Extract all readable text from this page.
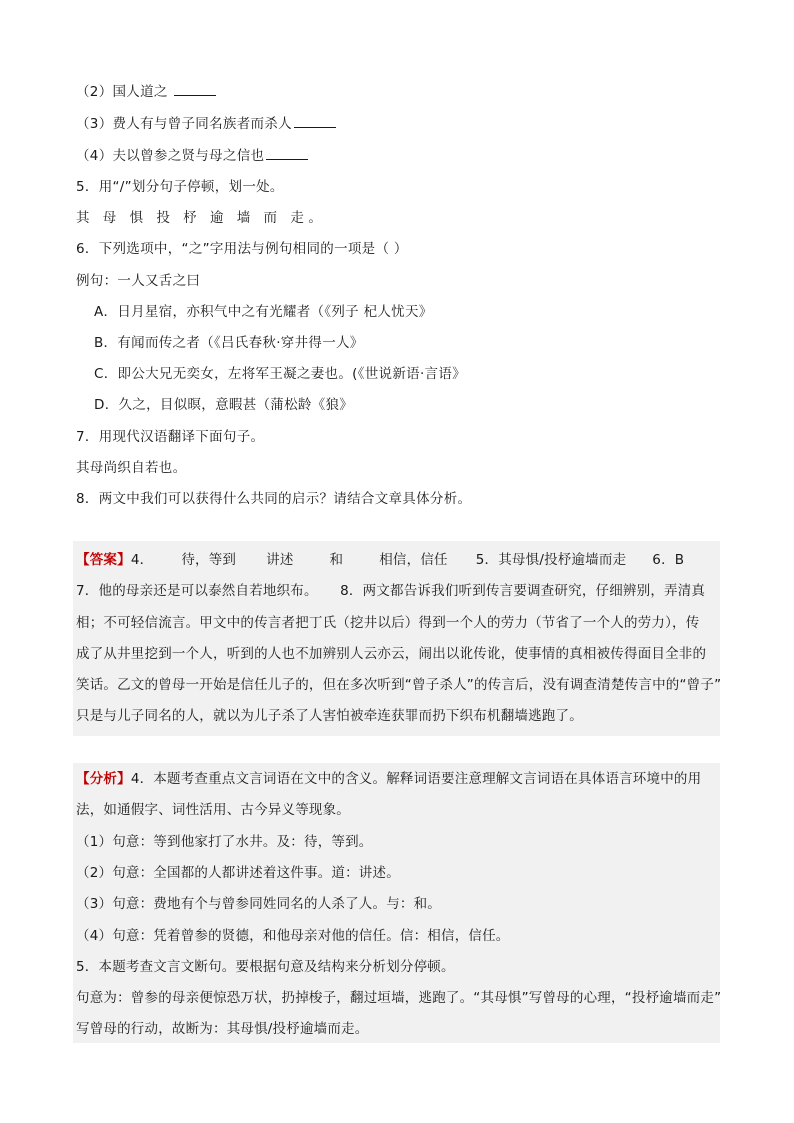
（2）国人道之
（3）费人有与曾子同名族者而杀人
（4）夫以曾参之贤与母之信也
5．用“/”划分句子停顿，划一处。
其 母 惧 投 杼 逾 墙 而 走。
6．下列选项中，“之”字用法与例句相同的一项是（ ）
例句：一人又舌之曰
A．日月星宿，亦积气中之有光耀者（《列子 杞人忧天》
B．有闻而传之者（《吕氏春秋·穿井得一人》
C．即公大兄无奕女，左将军王凝之妻也。(《世说新语·言语》
D．久之，目似暝，意暇甚（蒲松龄《狼》
7．用现代汉语翻译下面句子。
其母尚织自若也。
8．两文中我们可以获得什么共同的启示？请结合文章具体分析。
【答案】4． 待，等到 讲述	和	相信，信任 5．其母惧/投杼逾墙而走 6．B
7．他的母亲还是可以泰然自若地织布。     8．两文都告诉我们听到传言要调查研究，仔细辨别，弄清真
相；不可轻信流言。甲文中的传言者把丁氏（挖井以后）得到一个人的劳力（节省了一个人的劳力），传
成了从井里挖到一个人，听到的人也不加辨别人云亦云，闹出以讹传讹，使事情的真相被传得面目全非的
笑话。乙文的曾母一开始是信任儿子的，但在多次听到“曾子杀人”的传言后，没有调查清楚传言中的“曾子”
只是与儿子同名的人，就以为儿子杀了人害怕被牵连获罪而扔下织布机翻墙逃跑了。
【分析】4．本题考查重点文言词语在文中的含义。解释词语要注意理解文言词语在具体语言环境中的用
法，如通假字、词性活用、古今异义等现象。
（1）句意：等到他家打了水井。及：待，等到。
（2）句意：全国都的人都讲述着这件事。道：讲述。
（3）句意：费地有个与曾参同姓同名的人杀了人。与：和。
（4）句意：凭着曾参的贤德，和他母亲对他的信任。信：相信，信任。
5．本题考查文言文断句。要根据句意及结构来分析划分停顿。
句意为：曾参的母亲便惊恐万状，扔掉梭子，翻过垣墙，逃跑了。“其母惧”写曾母的心理，“投杼逾墙而走”
写曾母的行动，故断为：其母惧/投杼逾墙而走。
